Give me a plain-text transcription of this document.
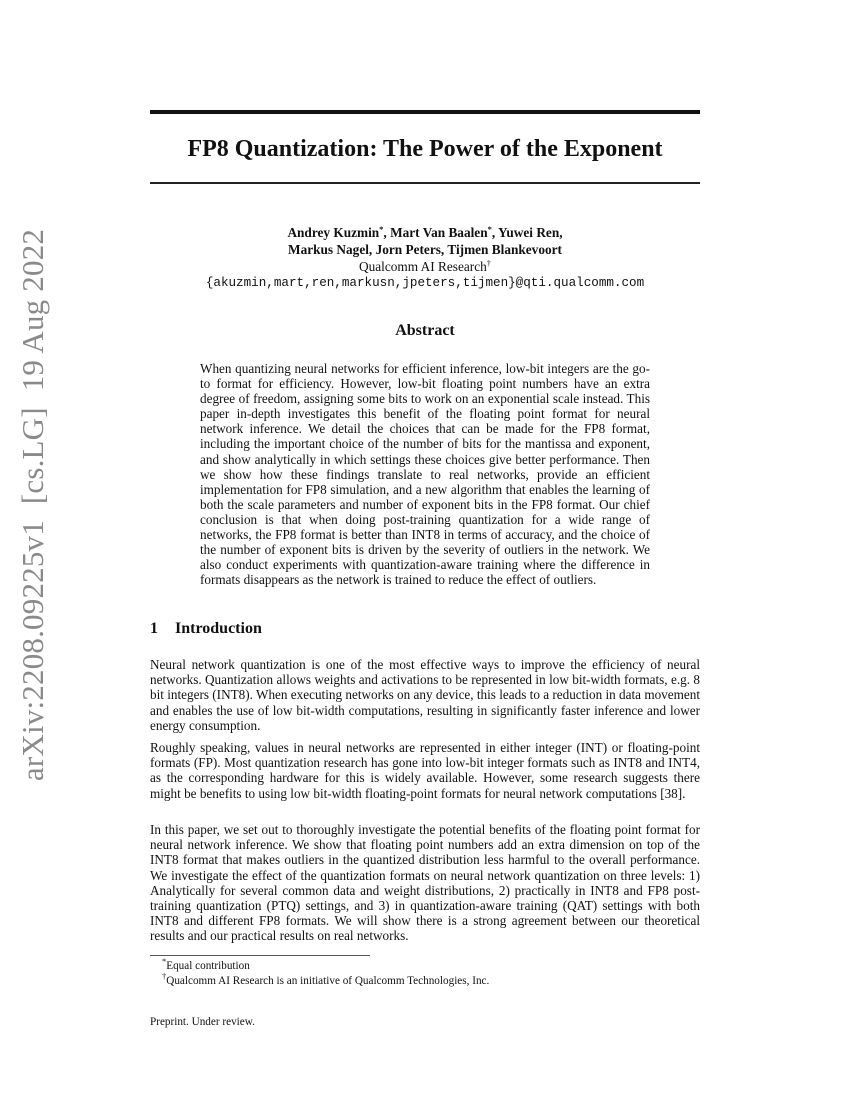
arXiv:2208.09225v1  [cs.LG]  19 Aug 2022
FP8 Quantization: The Power of the Exponent
Andrey Kuzmin*, Mart Van Baalen*, Yuwei Ren,
Markus Nagel, Jorn Peters, Tijmen Blankevoort
Qualcomm AI Research†
{akuzmin,mart,ren,markusn,jpeters,tijmen}@qti.qualcomm.com
Abstract

When quantizing neural networks for efficient inference, low-bit integers are the go-to format for efficiency. However, low-bit floating point numbers have an extra degree of freedom, assigning some bits to work on an exponential scale instead. This paper in-depth investigates this benefit of the floating point format for neural network inference. We detail the choices that can be made for the FP8 format, including the important choice of the number of bits for the mantissa and exponent, and show analytically in which settings these choices give better performance. Then we show how these findings translate to real networks, provide an efficient implementation for FP8 simulation, and a new algorithm that enables the learning of both the scale parameters and number of exponent bits in the FP8 format. Our chief conclusion is that when doing post-training quantization for a wide range of networks, the FP8 format is better than INT8 in terms of accuracy, and the choice of the number of exponent bits is driven by the severity of outliers in the network. We also conduct experiments with quantization-aware training where the difference in formats disappears as the network is trained to reduce the effect of outliers.

1 Introduction

Neural network quantization is one of the most effective ways to improve the efficiency of neural networks. Quantization allows weights and activations to be represented in low bit-width formats, e.g. 8 bit integers (INT8). When executing networks on any device, this leads to a reduction in data movement and enables the use of low bit-width computations, resulting in significantly faster inference and lower energy consumption.

Roughly speaking, values in neural networks are represented in either integer (INT) or floating-point formats (FP). Most quantization research has gone into low-bit integer formats such as INT8 and INT4, as the corresponding hardware for this is widely available. However, some research suggests there might be benefits to using low bit-width floating-point formats for neural network computations [38].

In this paper, we set out to thoroughly investigate the potential benefits of the floating point format for neural network inference. We show that floating point numbers add an extra dimension on top of the INT8 format that makes outliers in the quantized distribution less harmful to the overall performance. We investigate the effect of the quantization formats on neural network quantization on three levels: 1) Analytically for several common data and weight distributions, 2) practically in INT8 and FP8 post-training quantization (PTQ) settings, and 3) in quantization-aware training (QAT) settings with both INT8 and different FP8 formats. We will show there is a strong agreement between our theoretical results and our practical results on real networks.

*Equal contribution
†Qualcomm AI Research is an initiative of Qualcomm Technologies, Inc.
Preprint. Under review.
